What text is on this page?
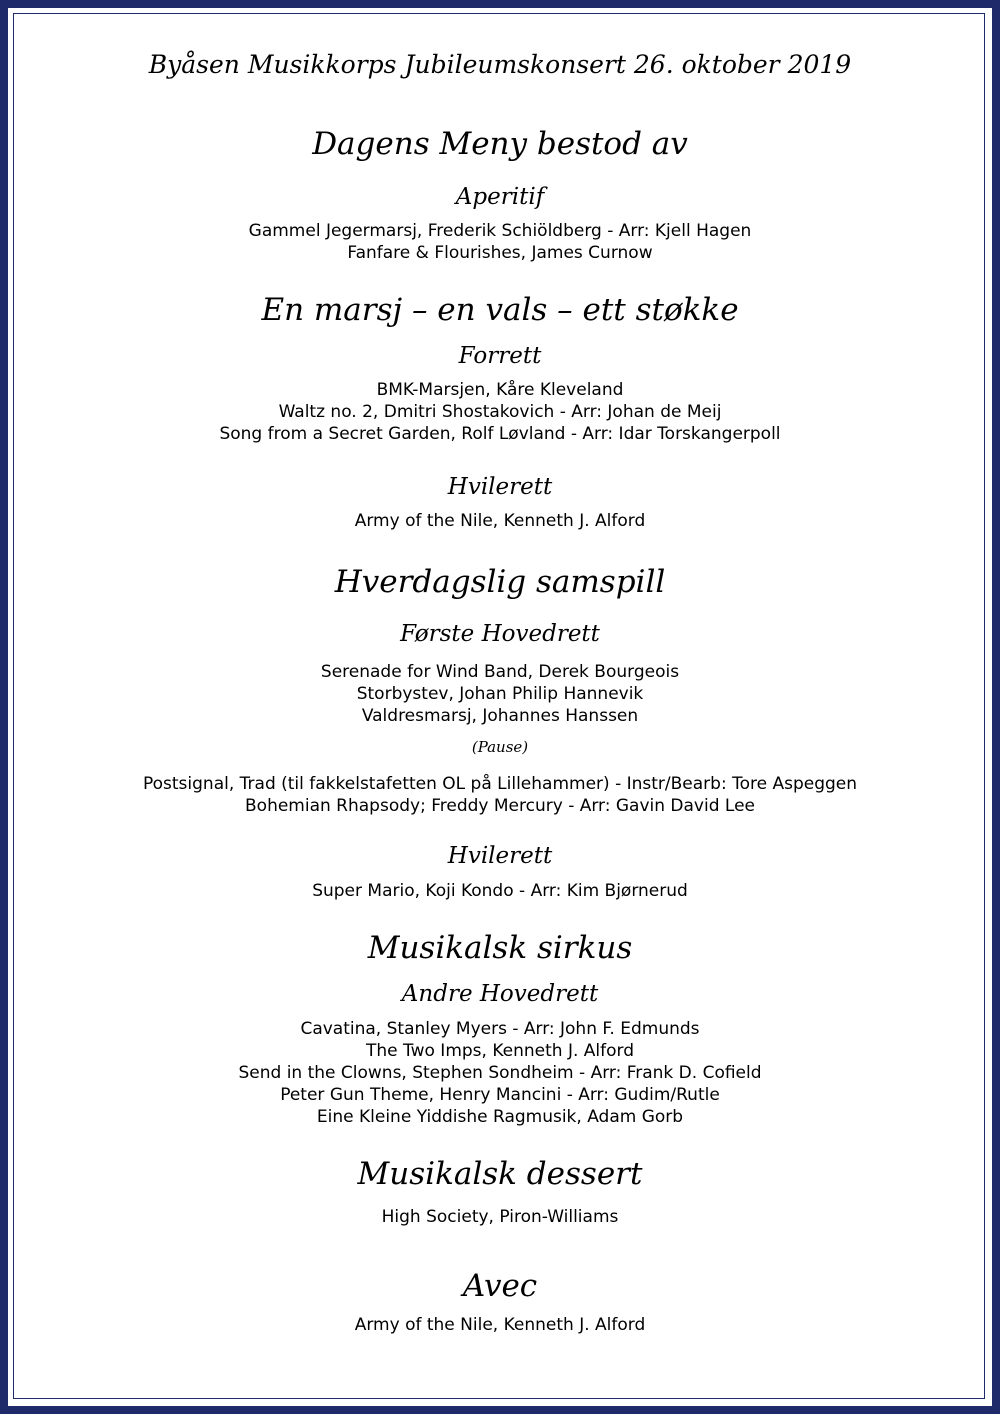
Byåsen Musikkorps Jubileumskonsert 26. oktober 2019
Dagens Meny bestod av
Aperitif
Gammel Jegermarsj, Frederik Schiöldberg - Arr: Kjell Hagen
Fanfare & Flourishes, James Curnow
En marsj – en vals – ett støkke
Forrett
BMK-Marsjen, Kåre Kleveland
Waltz no. 2, Dmitri Shostakovich - Arr: Johan de Meij
Song from a Secret Garden, Rolf Løvland - Arr: Idar Torskangerpoll
Hvilerett
Army of the Nile, Kenneth J. Alford
Hverdagslig samspill
Første Hovedrett
Serenade for Wind Band, Derek Bourgeois
Storbystev, Johan Philip Hannevik
Valdresmarsj, Johannes Hanssen
(Pause)
Postsignal, Trad (til fakkelstafetten OL på Lillehammer) - Instr/Bearb: Tore Aspeggen
Bohemian Rhapsody; Freddy Mercury - Arr: Gavin David Lee
Hvilerett
Super Mario, Koji Kondo - Arr: Kim Bjørnerud
Musikalsk sirkus
Andre Hovedrett
Cavatina, Stanley Myers - Arr: John F. Edmunds
The Two Imps, Kenneth J. Alford
Send in the Clowns, Stephen Sondheim - Arr: Frank D. Cofield
Peter Gun Theme, Henry Mancini - Arr: Gudim/Rutle
Eine Kleine Yiddishe Ragmusik, Adam Gorb
Musikalsk dessert
High Society, Piron-Williams
Avec
Army of the Nile, Kenneth J. Alford
